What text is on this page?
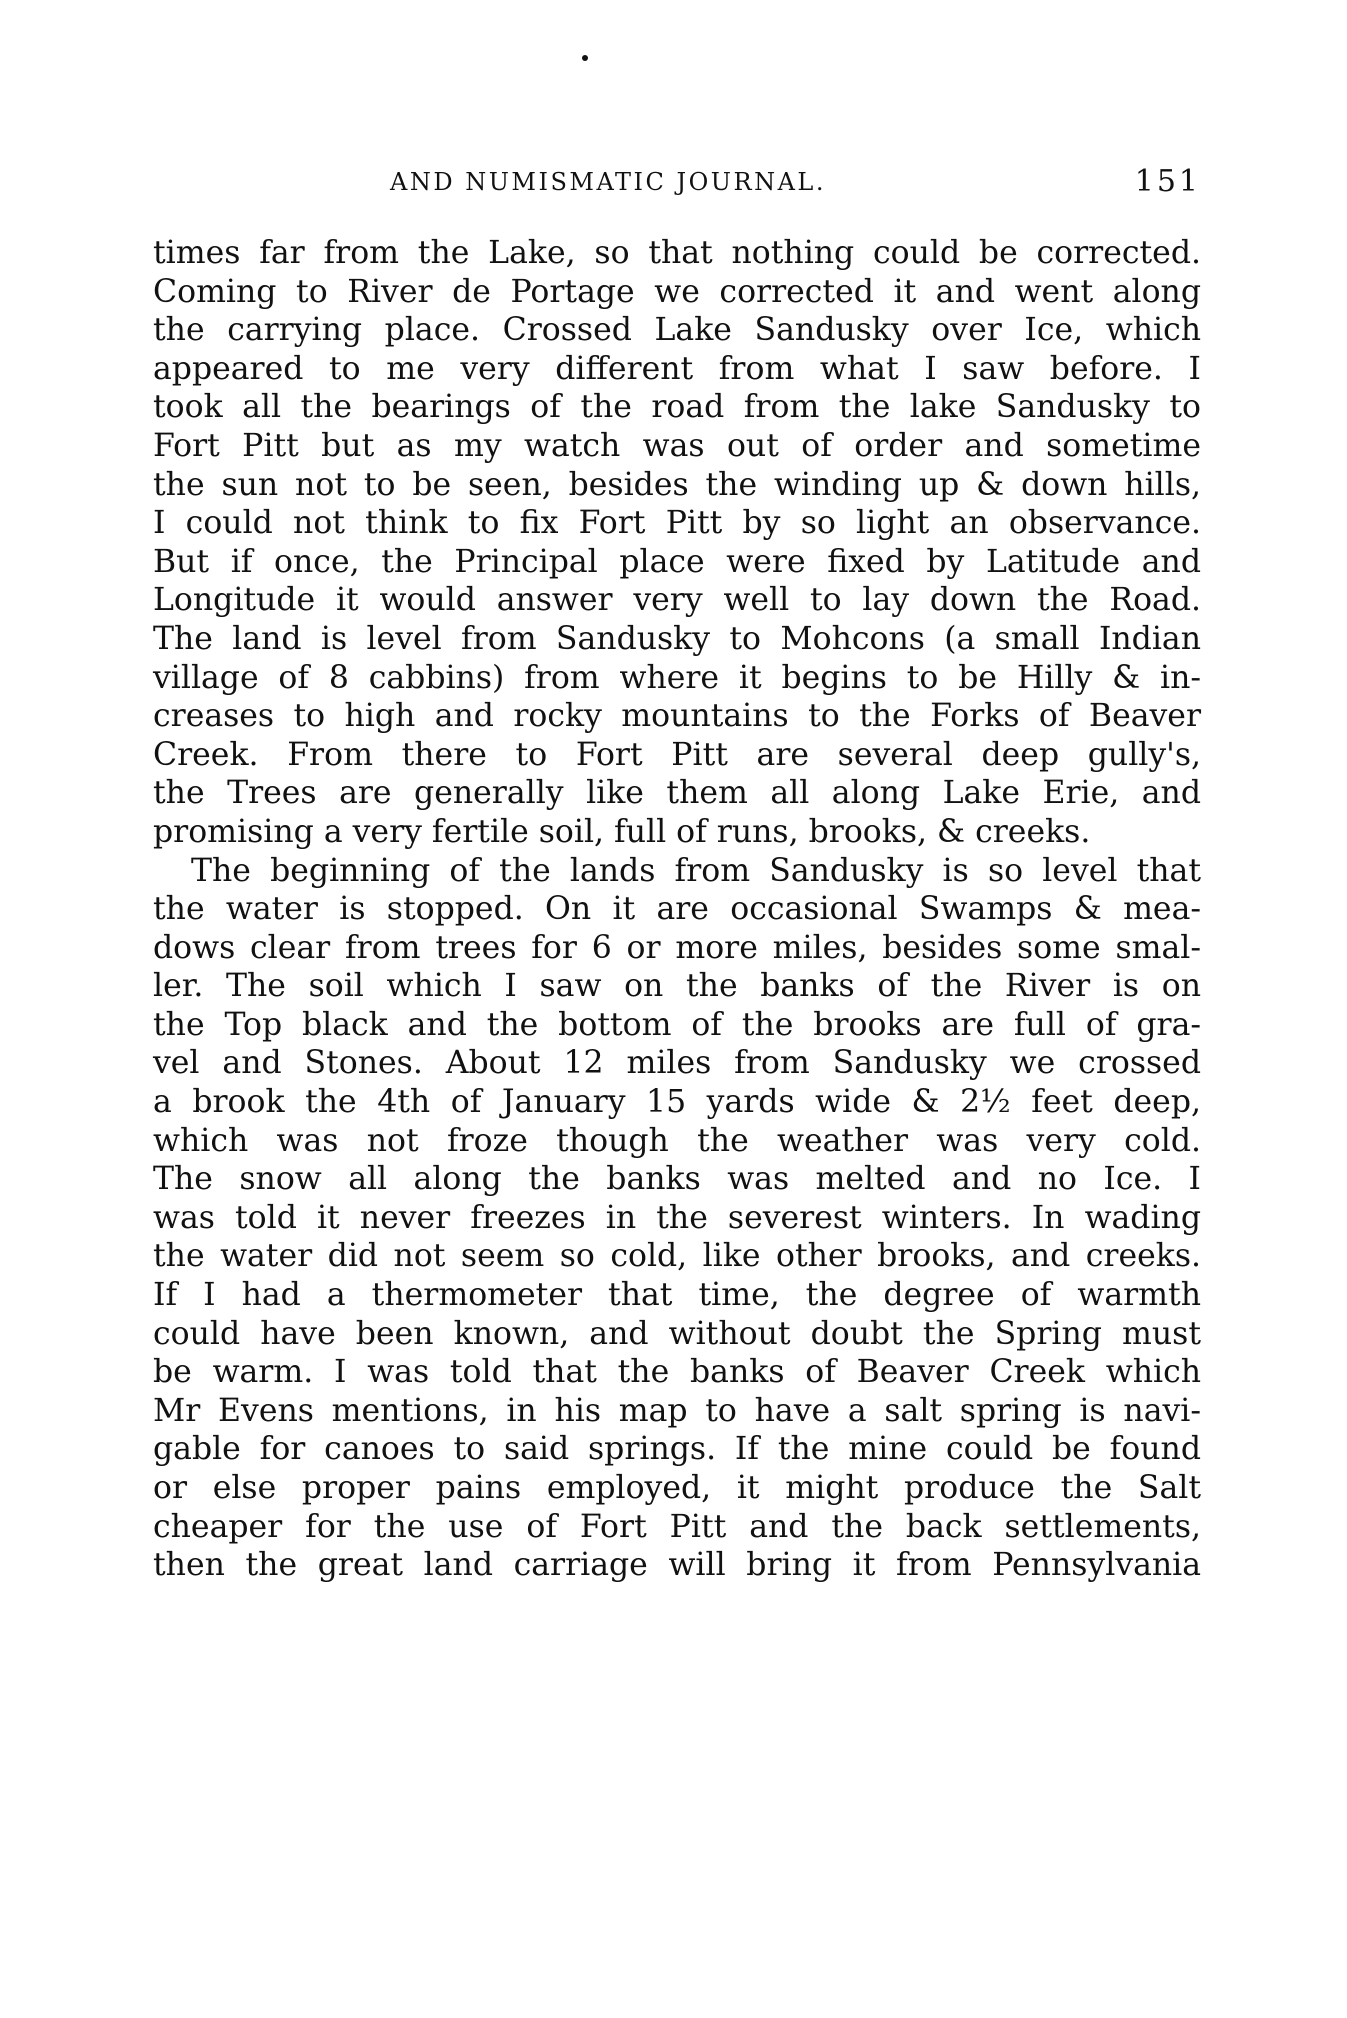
AND NUMISMATIC JOURNAL.	151
times far from the Lake, so that nothing could be corrected.
Coming to River de Portage we corrected it and went along
the carrying place. Crossed Lake Sandusky over Ice, which
appeared to me very different from what I saw before. I
took all the bearings of the road from the lake Sandusky to
Fort Pitt but as my watch was out of order and sometime
the sun not to be seen, besides the winding up & down hills,
I could not think to fix Fort Pitt by so light an observance.
But if once, the Principal place were fixed by Latitude and
Longitude it would answer very well to lay down the Road.
The land is level from Sandusky to Mohcons (a small Indian
village of 8 cabbins) from where it begins to be Hilly & in-
creases to high and rocky mountains to the Forks of Beaver
Creek. From there to Fort Pitt are several deep gully's,
the Trees are generally like them all along Lake Erie, and
promising a very fertile soil, full of runs, brooks, & creeks.
The beginning of the lands from Sandusky is so level that
the water is stopped. On it are occasional Swamps & mea-
dows clear from trees for 6 or more miles, besides some smal-
ler. The soil which I saw on the banks of the River is on
the Top black and the bottom of the brooks are full of gra-
vel and Stones. About 12 miles from Sandusky we crossed
a brook the 4th of January 15 yards wide & 2½ feet deep,
which was not froze though the weather was very cold.
The snow all along the banks was melted and no Ice. I
was told it never freezes in the severest winters. In wading
the water did not seem so cold, like other brooks, and creeks.
If I had a thermometer that time, the degree of warmth
could have been known, and without doubt the Spring must
be warm. I was told that the banks of Beaver Creek which
Mr Evens mentions, in his map to have a salt spring is navi-
gable for canoes to said springs. If the mine could be found
or else proper pains employed, it might produce the Salt
cheaper for the use of Fort Pitt and the back settlements,
then the great land carriage will bring it from Pennsylvania
